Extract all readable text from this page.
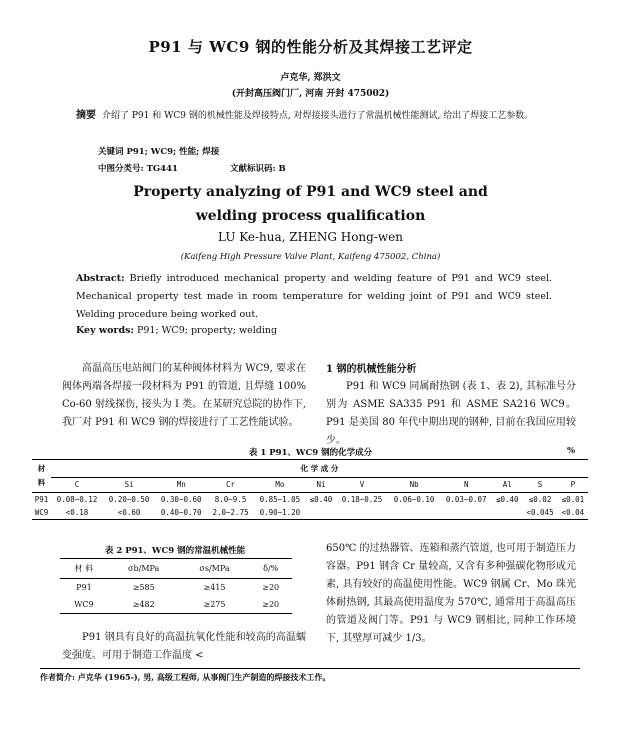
P91 与 WC9 钢的性能分析及其焊接工艺评定
卢克华, 郑洪文
(开封高压阀门厂, 河南 开封 475002)
摘要 介绍了 P91 和 WC9 钢的机械性能及焊接特点, 对焊接接头进行了常温机械性能测试, 给出了焊接工艺参数。
关键词 P91; WC9; 性能; 焊接
中图分类号: TG441	文献标识码: B
Property analyzing of P91 and WC9 steel and welding process qualification
LU Ke-hua, ZHENG Hong-wen
(Kaifeng High Pressure Valve Plant, Kaifeng 475002, China)
Abstract: Briefly introduced mechanical property and welding feature of P91 and WC9 steel. Mechanical property test made in room temperature for welding joint of P91 and WC9 steel. Welding procedure being worked out.
Key words: P91; WC9; property; welding
高温高压电站阀门的某种阀体材料为 WC9, 要求在阀体两端各焊接一段材料为 P91 的管道, 且焊缝 100% Co-60 射线探伤, 接头为 I 类。在某研究总院的协作下, 我厂对 P91 和 WC9 钢的焊接进行了工艺性能试验。
1 钢的机械性能分析
P91 和 WC9 同属耐热钢 (表 1、表 2), 其标准号分别为 ASME SA335 P91 和 ASME SA216 WC9。P91 是美国 80 年代中期出现的钢种, 目前在我国应用较少。
表 1 P91、WC9 钢的化学成分	%
材
料	化 学 成 分											
	C	Si	Mn	Cr	Mo	Ni	V	Nb	N	Al	S	P
P91	0.08~0.12	0.20~0.50	0.30~0.60	8.0~9.5	0.85~1.05	≤0.40	0.18~0.25	0.06~0.10	0.03~0.07	≤0.40	≤0.02	≤0.01
WC9	<0.18	<0.60	0.40~0.70	2.0~2.75	0.90~1.20						<0.045	<0.04
表 2 P91、WC9 钢的常温机械性能
材 料	σb/MPa	σs/MPa	δ/%
P91	≥585	≥415	≥20
WC9	≥482	≥275	≥20
P91 钢具有良好的高温抗氧化性能和较高的高温蠕变强度。可用于制造工作温度 <
650℃ 的过热器管、连箱和蒸汽管道, 也可用于制造压力容器。P91 钢含 Cr 量较高, 又含有多种强碳化物形成元素, 具有较好的高温使用性能。WC9 钢属 Cr、Mo 珠光体耐热钢, 其最高使用温度为 570℃, 通常用于高温高压的管道及阀门等。P91 与 WC9 钢相比, 同种工作环境下, 其壁厚可减少 1/3。
作者简介: 卢克华 (1965-), 男, 高级工程师, 从事阀门生产制造的焊接技术工作。
